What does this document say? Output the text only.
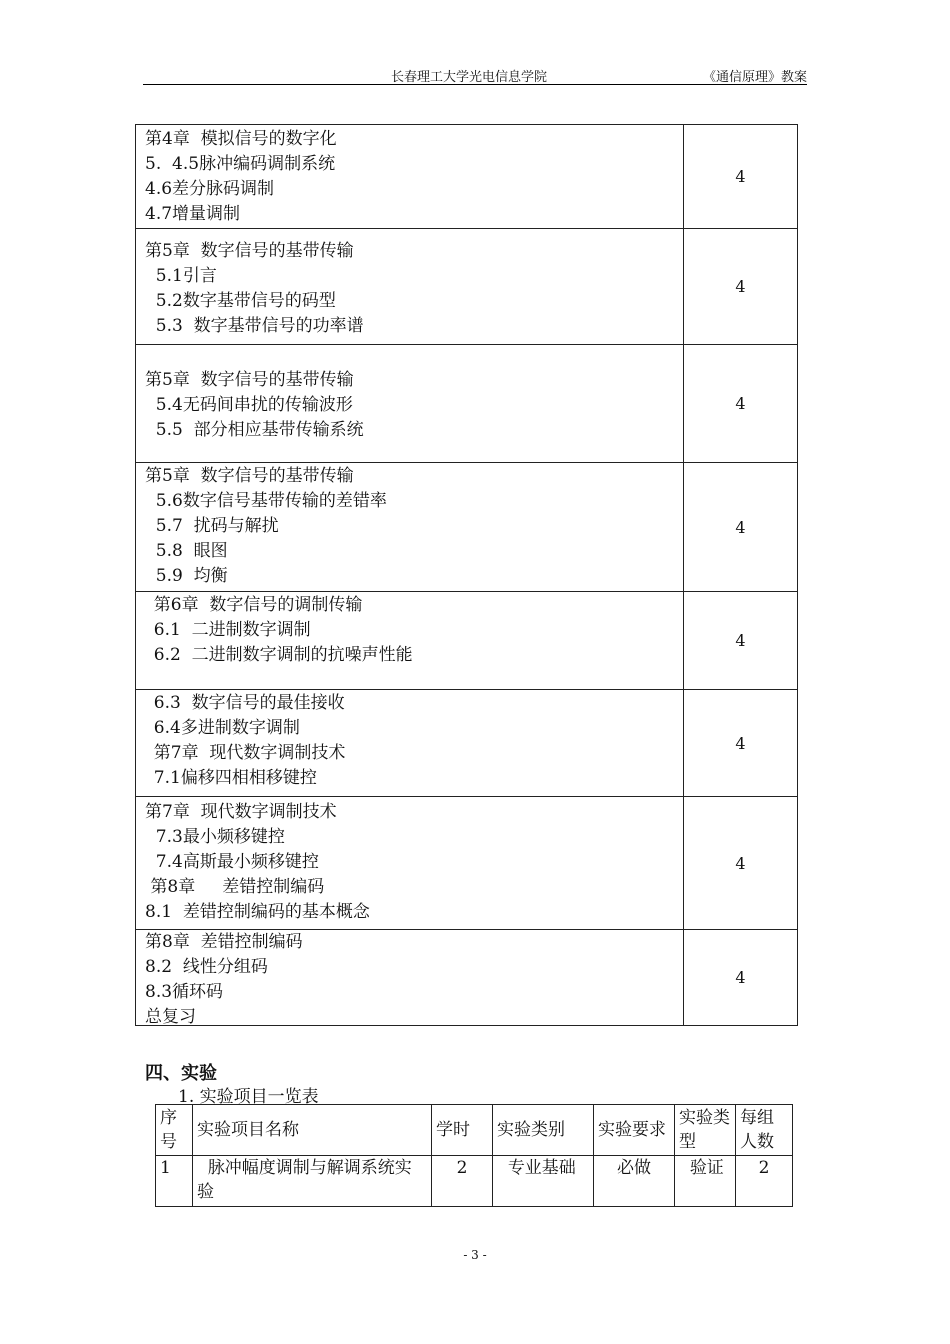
长春理工大学光电信息学院	《通信原理》教案
第4章  模拟信号的数字化
5.  4.5脉冲编码调制系统
4.6差分脉码调制
4.7增量调制
4
第5章  数字信号的基带传输
5.1引言
5.2数字基带信号的码型
5.3  数字基带信号的功率谱
4
第5章  数字信号的基带传输
5.4无码间串扰的传输波形
5.5  部分相应基带传输系统
4
第5章  数字信号的基带传输
5.6数字信号基带传输的差错率
5.7  扰码与解扰
5.8  眼图
5.9  均衡
4
第6章  数字信号的调制传输
6.1  二进制数字调制
6.2  二进制数字调制的抗噪声性能
4
6.3  数字信号的最佳接收
6.4多进制数字调制
第7章  现代数字调制技术
7.1偏移四相相移键控
4
第7章  现代数字调制技术
7.3最小频移键控
7.4高斯最小频移键控
第8章     差错控制编码
8.1  差错控制编码的基本概念
4
第8章  差错控制编码
8.2  线性分组码
8.3循环码
总复习
4
四、实验
1. 实验项目一览表
序号	实验项目名称	学时	实验类别	实验要求	实验类型	每组人数
1	脉冲幅度调制与解调系统实验	2	专业基础	必做	验证	2
- 3 -
